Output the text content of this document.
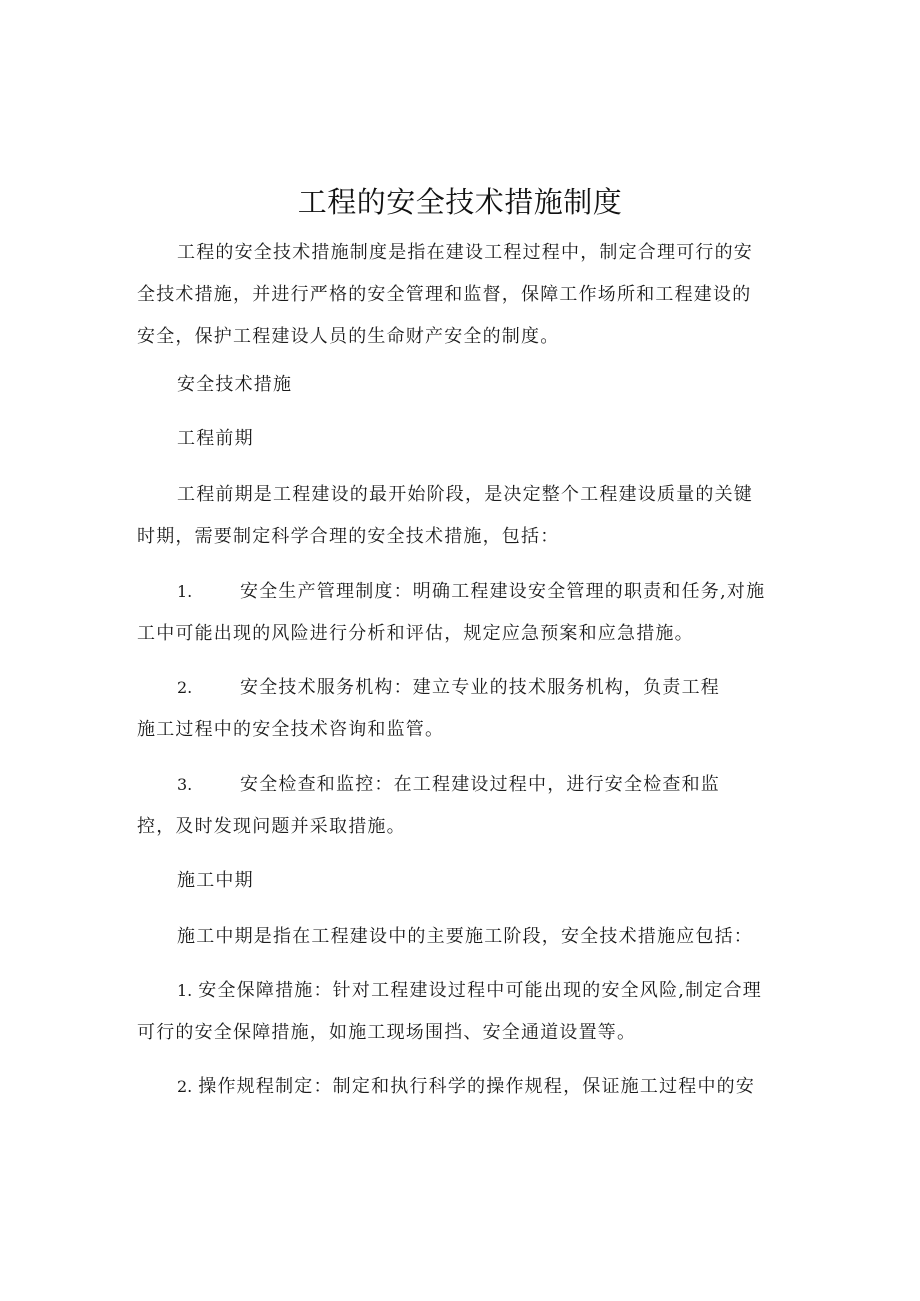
工程的安全技术措施制度
工程的安全技术措施制度是指在建设工程过程中，制定合理可行的安
全技术措施，并进行严格的安全管理和监督，保障工作场所和工程建设的
安全，保护工程建设人员的生命财产安全的制度。
安全技术措施
工程前期
工程前期是工程建设的最开始阶段，是决定整个工程建设质量的关键
时期，需要制定科学合理的安全技术措施，包括：
1.	安全生产管理制度：明确工程建设安全管理的职责和任务,对施
工中可能出现的风险进行分析和评估，规定应急预案和应急措施。
2.	安全技术服务机构：建立专业的技术服务机构，负责工程
施工过程中的安全技术咨询和监管。
3.	安全检查和监控：在工程建设过程中，进行安全检查和监
控，及时发现问题并采取措施。
施工中期
施工中期是指在工程建设中的主要施工阶段，安全技术措施应包括：
1. 安全保障措施：针对工程建设过程中可能出现的安全风险,制定合理
可行的安全保障措施，如施工现场围挡、安全通道设置等。
2. 操作规程制定：制定和执行科学的操作规程，保证施工过程中的安
